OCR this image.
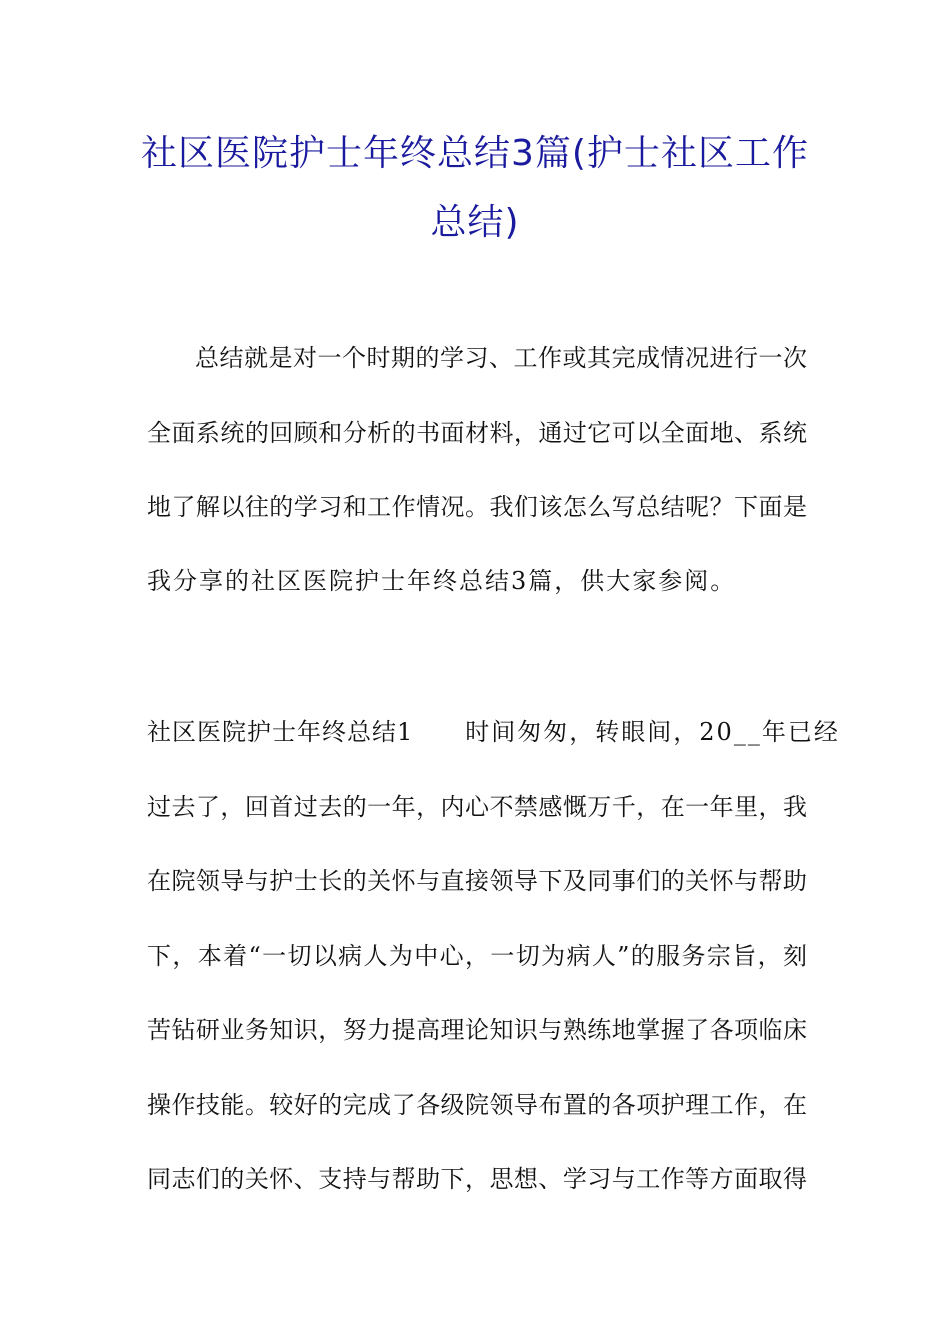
社区医院护士年终总结3篇(护士社区工作
总结)
总结就是对一个时期的学习、工作或其完成情况进行一次
全面系统的回顾和分析的书面材料，通过它可以全面地、系统
地了解以往的学习和工作情况。我们该怎么写总结呢？下面是
我分享的社区医院护士年终总结3篇，供大家参阅。
社区医院护士年终总结1 时间匆匆，转眼间，20__年已经
过去了，回首过去的一年，内心不禁感慨万千，在一年里，我
在院领导与护士长的关怀与直接领导下及同事们的关怀与帮助
下，本着“一切以病人为中心，一切为病人”的服务宗旨，刻
苦钻研业务知识，努力提高理论知识与熟练地掌握了各项临床
操作技能。较好的完成了各级院领导布置的各项护理工作，在
同志们的关怀、支持与帮助下，思想、学习与工作等方面取得
